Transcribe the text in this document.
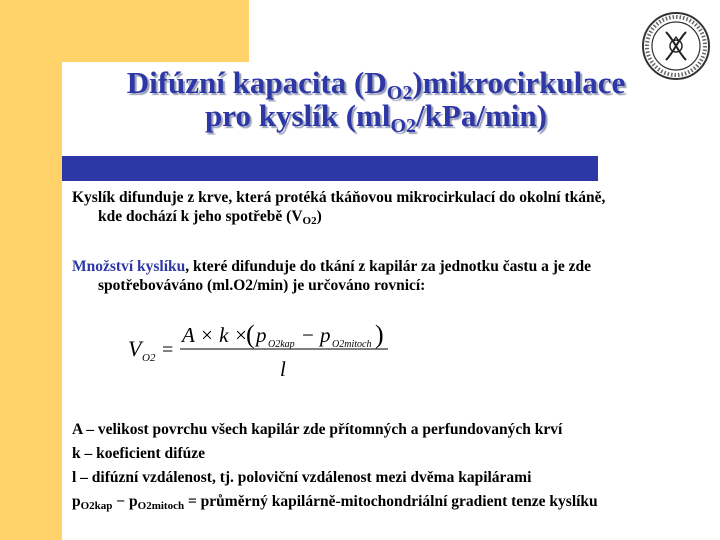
Difúzní kapacita $(D_{O2})mikrocirkulace$
pro kyslík $(ml_{O2}/kPa/\min)$
Kyslík difunduje z krve, která protéká tkáňovou mikrocirkulací do okolní tkáně,
kde dochází k jeho spotřebě $(V_{O2})$
Množství kyslíku, které difunduje do tkání z kapilár za jednotku častu a je zde
spotřebováváno (ml.O2/min) je určováno rovnicí:
V O2 =
A × k ×
( p O2kap − p O2mitoch )
l
A – velikost povrchu všech kapilár zde přítomných a perfundovaných krví
k – koeficient difúze
l – difúzní vzdálenost, tj. poloviční vzdálenost mezi dvěma kapilárami
$p_{O2kap} - p_{O2mitoch}$ = průměrný kapilárně-mitochondriální gradient tenze kyslíku
